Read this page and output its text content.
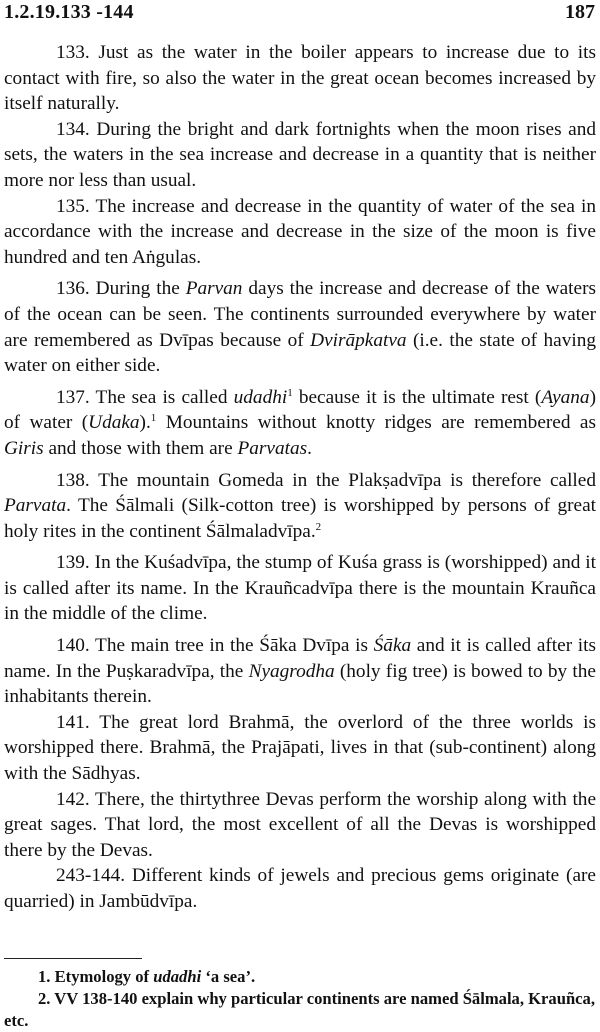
1.2.19.133 -144	187

133. Just as the water in the boiler appears to increase due to its contact with fire, so also the water in the great ocean becomes increased by itself naturally.

134. During the bright and dark fortnights when the moon rises and sets, the waters in the sea increase and decrease in a quantity that is neither more nor less than usual.

135. The increase and decrease in the quantity of water of the sea in accordance with the increase and decrease in the size of the moon is five hundred and ten Aṅgulas.

136. During the Parvan days the increase and decrease of the waters of the ocean can be seen. The continents surrounded everywhere by water are remembered as Dvīpas because of Dvirāpkatva (i.e. the state of having water on either side.

137. The sea is called udadhi$^1$ because it is the ultimate rest (Ayana) of water (Udaka).$^1$ Mountains without knotty ridges are remembered as Giris and those with them are Parvatas.

138. The mountain Gomeda in the Plakṣadvīpa is therefore called Parvata. The Śālmali (Silk-cotton tree) is worshipped by persons of great holy rites in the continent Śālmaladvīpa.$^2$

139. In the Kuśadvīpa, the stump of Kuśa grass is (worshipped) and it is called after its name. In the Krauñcadvīpa there is the mountain Krauñca in the middle of the clime.

140. The main tree in the Śāka Dvīpa is Śāka and it is called after its name. In the Puṣkaradvīpa, the Nyagrodha (holy fig tree) is bowed to by the inhabitants therein.

141. The great lord Brahmā, the overlord of the three worlds is worshipped there. Brahmā, the Prajāpati, lives in that (sub-continent) along with the Sādhyas.

142. There, the thirtythree Devas perform the worship along with the great sages. That lord, the most excellent of all the Devas is worshipped there by the Devas.

243-144. Different kinds of jewels and precious gems originate (are quarried) in Jambūdvīpa.

1. Etymology of udadhi ‘a sea’.

2. VV 138-140 explain why particular continents are named Śālmala, Krauñca, etc.
